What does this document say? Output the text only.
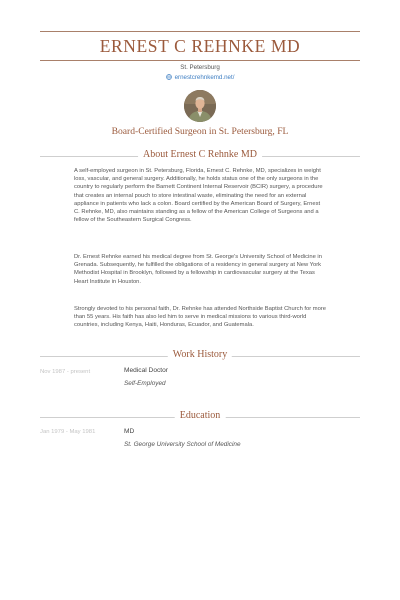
ERNEST C REHNKE MD
St. Petersburg
ernestcrehnkemd.net/
Board-Certified Surgeon in St. Petersburg, FL
About Ernest C Rehnke MD

A self-employed surgeon in St. Petersburg, Florida, Ernest C. Rehnke, MD, specializes in weight loss, vascular, and general surgery. Additionally, he holds status one of the only surgeons in the country to regularly perform the Barnett Continent Internal Reservoir (BCIR) surgery, a procedure that creates an internal pouch to store intestinal waste, eliminating the need for an external appliance in patients who lack a colon. Board certified by the American Board of Surgery, Ernest C. Rehnke, MD, also maintains standing as a fellow of the American College of Surgeons and a fellow of the Southeastern Surgical Congress.

Dr. Ernest Rehnke earned his medical degree from St. George's University School of Medicine in Grenada. Subsequently, he fulfilled the obligations of a residency in general surgery at New York Methodist Hospital in Brooklyn, followed by a fellowship in cardiovascular surgery at the Texas Heart Institute in Houston.

Strongly devoted to his personal faith, Dr. Rehnke has attended Northside Baptist Church for more than 55 years. His faith has also led him to serve in medical missions to various third-world countries, including Kenya, Haiti, Honduras, Ecuador, and Guatemala.

Work History
Nov 1987 - present	Medical Doctor
Self-Employed
Education
Jan 1979 - May 1981	MD
St. George University School of Medicine
